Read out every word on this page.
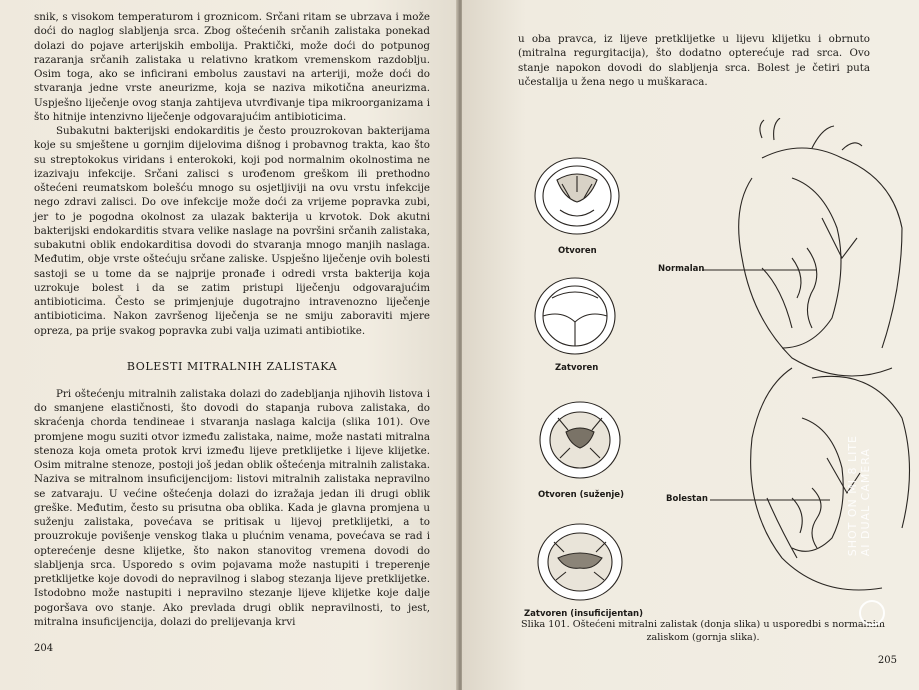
snik, s visokom temperaturom i groznicom. Srčani ritam se ubrzava i može doći do naglog slabljenja srca. Zbog oštećenih srčanih zalistaka ponekad dolazi do pojave arterijskih embolija. Praktički, može doći do potpunog razaranja srčanih zalistaka u relativno kratkom vremenskom razdoblju. Osim toga, ako se inficirani embolus zaustavi na arteriji, može doći do stvaranja jedne vrste aneurizme, koja se naziva mikotična aneurizma. Uspješno liječenje ovog stanja zahtijeva utvrđivanje tipa mikroorganizama i što hitnije intenzivno liječenje odgovarajućim antibioticima.

Subakutni bakterijski endokarditis je često prouzrokovan bakterijama koje su smještene u gornjim dijelovima dišnog i probavnog trakta, kao što su streptokokus viridans i enterokoki, koji pod normalnim okolnostima ne izazivaju infekcije. Srčani zalisci s urođenom greškom ili prethodno oštećeni reumatskom bolešću mnogo su osjetljiviji na ovu vrstu infekcije nego zdravi zalisci. Do ove infekcije može doći za vrijeme popravka zubi, jer to je pogodna okolnost za ulazak bakterija u krvotok. Dok akutni bakterijski endokarditis stvara velike naslage na površini srčanih zalistaka, subakutni oblik endokarditisa dovodi do stvaranja mnogo manjih naslaga. Međutim, obje vrste oštećuju srčane zaliske. Uspješno liječenje ovih bolesti sastoji se u tome da se najprije pronađe i odredi vrsta bakterija koja uzrokuje bolest i da se zatim pristupi liječenju odgovarajućim antibioticima. Često se primjenjuje dugotrajno intravenozno liječenje antibioticima. Nakon završenog liječenja se ne smiju zaboraviti mjere opreza, pa prije svakog popravka zubi valja uzimati antibiotike.

BOLESTI MITRALNIH ZALISTAKA

Pri oštećenju mitralnih zalistaka dolazi do zadebljanja njihovih listova i do smanjene elastičnosti, što dovodi do stapanja rubova zalistaka, do skraćenja chorda tendineae i stvaranja naslaga kalcija (slika 101). Ove promjene mogu suziti otvor između zalistaka, naime, može nastati mitralna stenoza koja ometa protok krvi između lijeve pretklijetke i lijeve klijetke. Osim mitralne stenoze, postoji još jedan oblik oštećenja mitralnih zalistaka. Naziva se mitralnom insuficijencijom: listovi mitralnih zalistaka nepravilno se zatvaraju. U većine oštećenja dolazi do izražaja jedan ili drugi oblik greške. Međutim, često su prisutna oba oblika. Kada je glavna promjena u suženju zalistaka, povećava se pritisak u lijevoj pretklijetki, a to prouzrokuje povišenje venskog tlaka u plućnim venama, povećava se rad i opterećenje desne klijetke, što nakon stanovitog vremena dovodi do slabljenja srca. Usporedo s ovim pojavama može nastupiti i treperenje pretklijetke koje dovodi do nepravilnog i slabog stezanja lijeve pretklijetke. Istodobno može nastupiti i nepravilno stezanje lijeve klijetke koje dalje pogoršava ovo stanje. Ako prevlada drugi oblik nepravilnosti, to jest, mitralna insuficijencija, dolazi do prelijevanja krvi

204

u oba pravca, iz lijeve pretklijetke u lijevu klijetku i obrnuto (mitralna regurgitacija), što dodatno opterećuje rad srca. Ovo stanje napokon dovodi do slabljenja srca. Bolest je četiri puta učestalija u žena nego u muškaraca.

Otvoren
Zatvoren
Otvoren (suženje)
Zatvoren (insuficijentan)
Normalan
Bolestan
Slika 101. Oštećeni mitralni zalistak (donja slika) u usporedbi s normalnim zaliskom (gornja slika).
205
SHOT ON MI 8 LITE AI DUAL CAMERA
